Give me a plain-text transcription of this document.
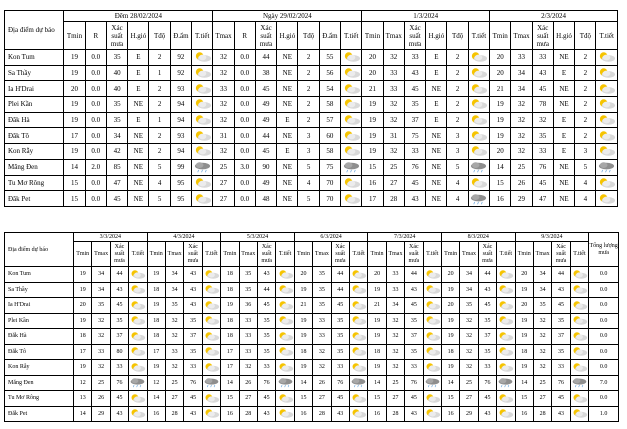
Địa điểm dự báo	Đêm 28/02/2024							Ngày 29/02/2024							1/3/2024						2/3/2024					
	Tmin	R	Xác suất mưa	H.gió	Tđộ	Đ.ẩm	T.tiết	Tmax	R	Xác suất mưa	H.gió	Tđộ	Đ.ẩm	T.tiết	Tmin	Tmax	Xác suất mưa	H.gió	Tđộ	T.tiết	Tmin	Tmax	Xác suất mưa	H.gió	Tđộ	T.tiết
Kon Tum	19	0.0	35	E	2	92		32	0.0	44	NE	2	55		20	32	33	E	2		20	33	33	NE	2	

Sa Thầy	19	0.0	40	E	1	92		32	0.0	38	NE	2	56		20	33	43	E	2		20	34	43	E	2	

Ia H'Drai	20	0.0	40	E	2	93		33	0.0	45	NE	2	54		21	33	45	NE	2		21	34	45	NE	2	

Plei Kần	19	0.0	35	NE	2	94		32	0.0	49	NE	2	58		19	32	35	E	2		19	32	78	NE	2	

Đăk Hà	19	0.0	35	E	1	94		32	0.0	49	E	2	57		19	32	37	E	2		19	32	32	E	2	

Đăk Tô	17	0.0	34	NE	2	93		31	0.0	44	NE	3	60		19	31	75	NE	3		19	32	35	E	2	

Kon Rẫy	19	0.0	42	NE	2	94		32	0.0	45	E	3	58		19	32	33	NE	3		20	32	33	E	3	

Măng Đen	14	2.0	85	NE	5	99		25	3.0	90	NE	5	75		15	25	76	NE	5		14	25	76	NE	5	

Tu Mơ Rông	15	0.0	47	NE	4	95		27	0.0	49	NE	4	70		16	27	45	NE	4		15	26	45	NE	4	

Đăk Pet	15	0.0	45	NE	5	95		27	0.0	48	NE	5	70		17	28	43	NE	4		16	29	47	NE	4	
Địa điểm dự báo	3/3/2024				4/3/2024				5/3/2024				6/3/2024				7/3/2024				8/3/2024				9/3/2024				Tổng lượng mưa
	Tmin	Tmax	Xác suất mưa	T.tiết	Tmin	Tmax	Xác suất mưa	T.tiết	Tmin	Tmax	Xác suất mưa	T.tiết	Tmin	Tmax	Xác suất mưa	T.tiết	Tmin	Tmax	Xác suất mưa	T.tiết	Tmin	Tmax	Xác suất mưa	T.tiết	Tmin	Tmax	Xác suất mưa	T.tiết	
Kon Tum	19	34	44		19	34	43		18	35	43		20	35	44		20	33	44		20	34	44		20	34	44		0.0
Sa Thầy	19	34	43		18	34	43		18	35	44		19	35	44		19	33	43		19	34	43		19	34	43		0.0
Ia H'Drai	20	35	45		19	35	43		19	36	45		21	35	45		21	34	45		20	35	45		20	35	45		0.0
Plei Kần	19	32	35		18	32	35		18	33	35		19	33	35		19	32	35		19	32	35		19	32	35		0.0
Đăk Hà	18	32	37		18	32	37		18	33	35		19	33	35		19	32	37		19	32	37		19	32	37		0.0
Đăk Tô	17	33	80		17	33	35		17	33	35		18	32	35		18	32	35		18	32	35		18	32	35		0.0
Kon Rẫy	19	32	33		19	32	33		17	32	33		19	32	33		19	32	33		19	32	33		19	32	33		0.0
Măng Đen	12	25	76		12	25	76		14	26	76		14	26	76		14	25	76		14	25	76		14	25	76		7.0
Tu Mơ Rông	13	26	45		14	27	45		15	27	45		15	27	45		15	27	45		15	27	45		15	27	45		0.0
Đăk Pet	14	29	43		16	28	43		16	28	43		16	28	43		16	28	43		16	29	43		16	28	43		1.0
